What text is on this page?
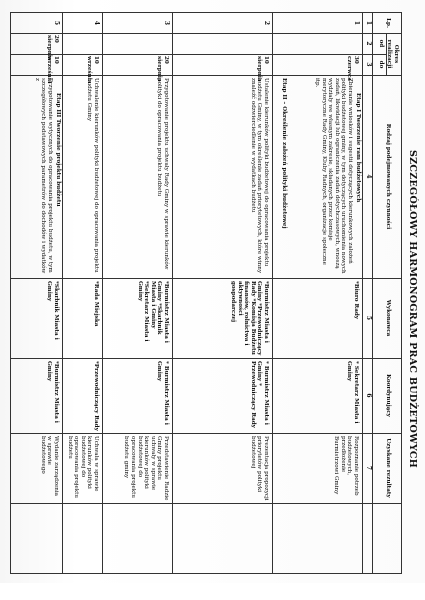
SZCZEGÓŁOWY HARMONOGRAM PRAC BUDŻETOWYCH
Lp.
Okres realizacji
od
do
Rodzaj podejmowanych czynności
Wykonawca
Koordynujący
Uzyskane rezultaty
1
2
3
4
5
6
7
1
30 czerwca
Etap I Tworzenie ram budżetowych
Zbieranie wniosków i sugestii dotyczących kierunkowych założeń polityki budżetowej gminy, w tym dotyczących uruchomienia nowych zadań, likwidacji lub ograniczenia zadań dotychczasowych, wnoszą wydziały we własnym zakresie, składanych przez komisje merytoryczne Rady Gminy, Kluby Radnych, organizacje społeczne itp.
Etap II – Określenie założeń polityki budżetowej
*Biuro Rady
* Sekretarz Miasta i Gminy
Rozpoznanie potrzeb budżetowych, przedłożenie Burmistrzowi Gminy
2
10 sierpnia
Ustalenie kierunków polityki budżetowej do opracowania projektu budżetu Gminy, w tym określenie zadań priorytetowych, które winny znaleźć odzwierciedlenie w wydatkach budżetu
*Burmistrz Miasta i Gminy *Przewodniczący Rady *Komisja Budżetu finansów, rolnictwa i aktywności gospodarczej
* Burmistrz Miasta i Gminy * Przewodniczący Rady
Prezentacja propozycji priorytetów polityki budżetowej
3
20 sierpnia
Przygotowanie projektu uchwały Rady Gminy w sprawie kierunków polityki do opracowania projektu budżetu
*Burmistrz Miasta i Gminy *Skarbnik Miasta i Gminy *Sekretarz Miasta i Gminy
* Burmistrz Miasta i Gminy
Przedstawienie Radzie Gminy projektu uchwały w sprawie kierunków polityki budżetowej do opracowania projektu budżetu gminy
4
10 września
Uchwalenie kierunków polityki budżetowej do opracowania projektu budżetu Gminy
*Rada Miejska
*Przewodniczący Rady
Uchwała w sprawie kierunków polityki budżetowej do opracowania projektu budżetu
5
20 sierpnia 10 września
Etap III Tworzenie projektu budżetu
Przygotowanie wytycznych do opracowania projektu budżetu, w tym szczegółowych podstawowych parametrów do dochodów i wydatków z
*Skarbnik Miasta i Gminy
*Burmistrz Miasta i Gminy
Wydanie zarządzenia w sprawie budżetowego
